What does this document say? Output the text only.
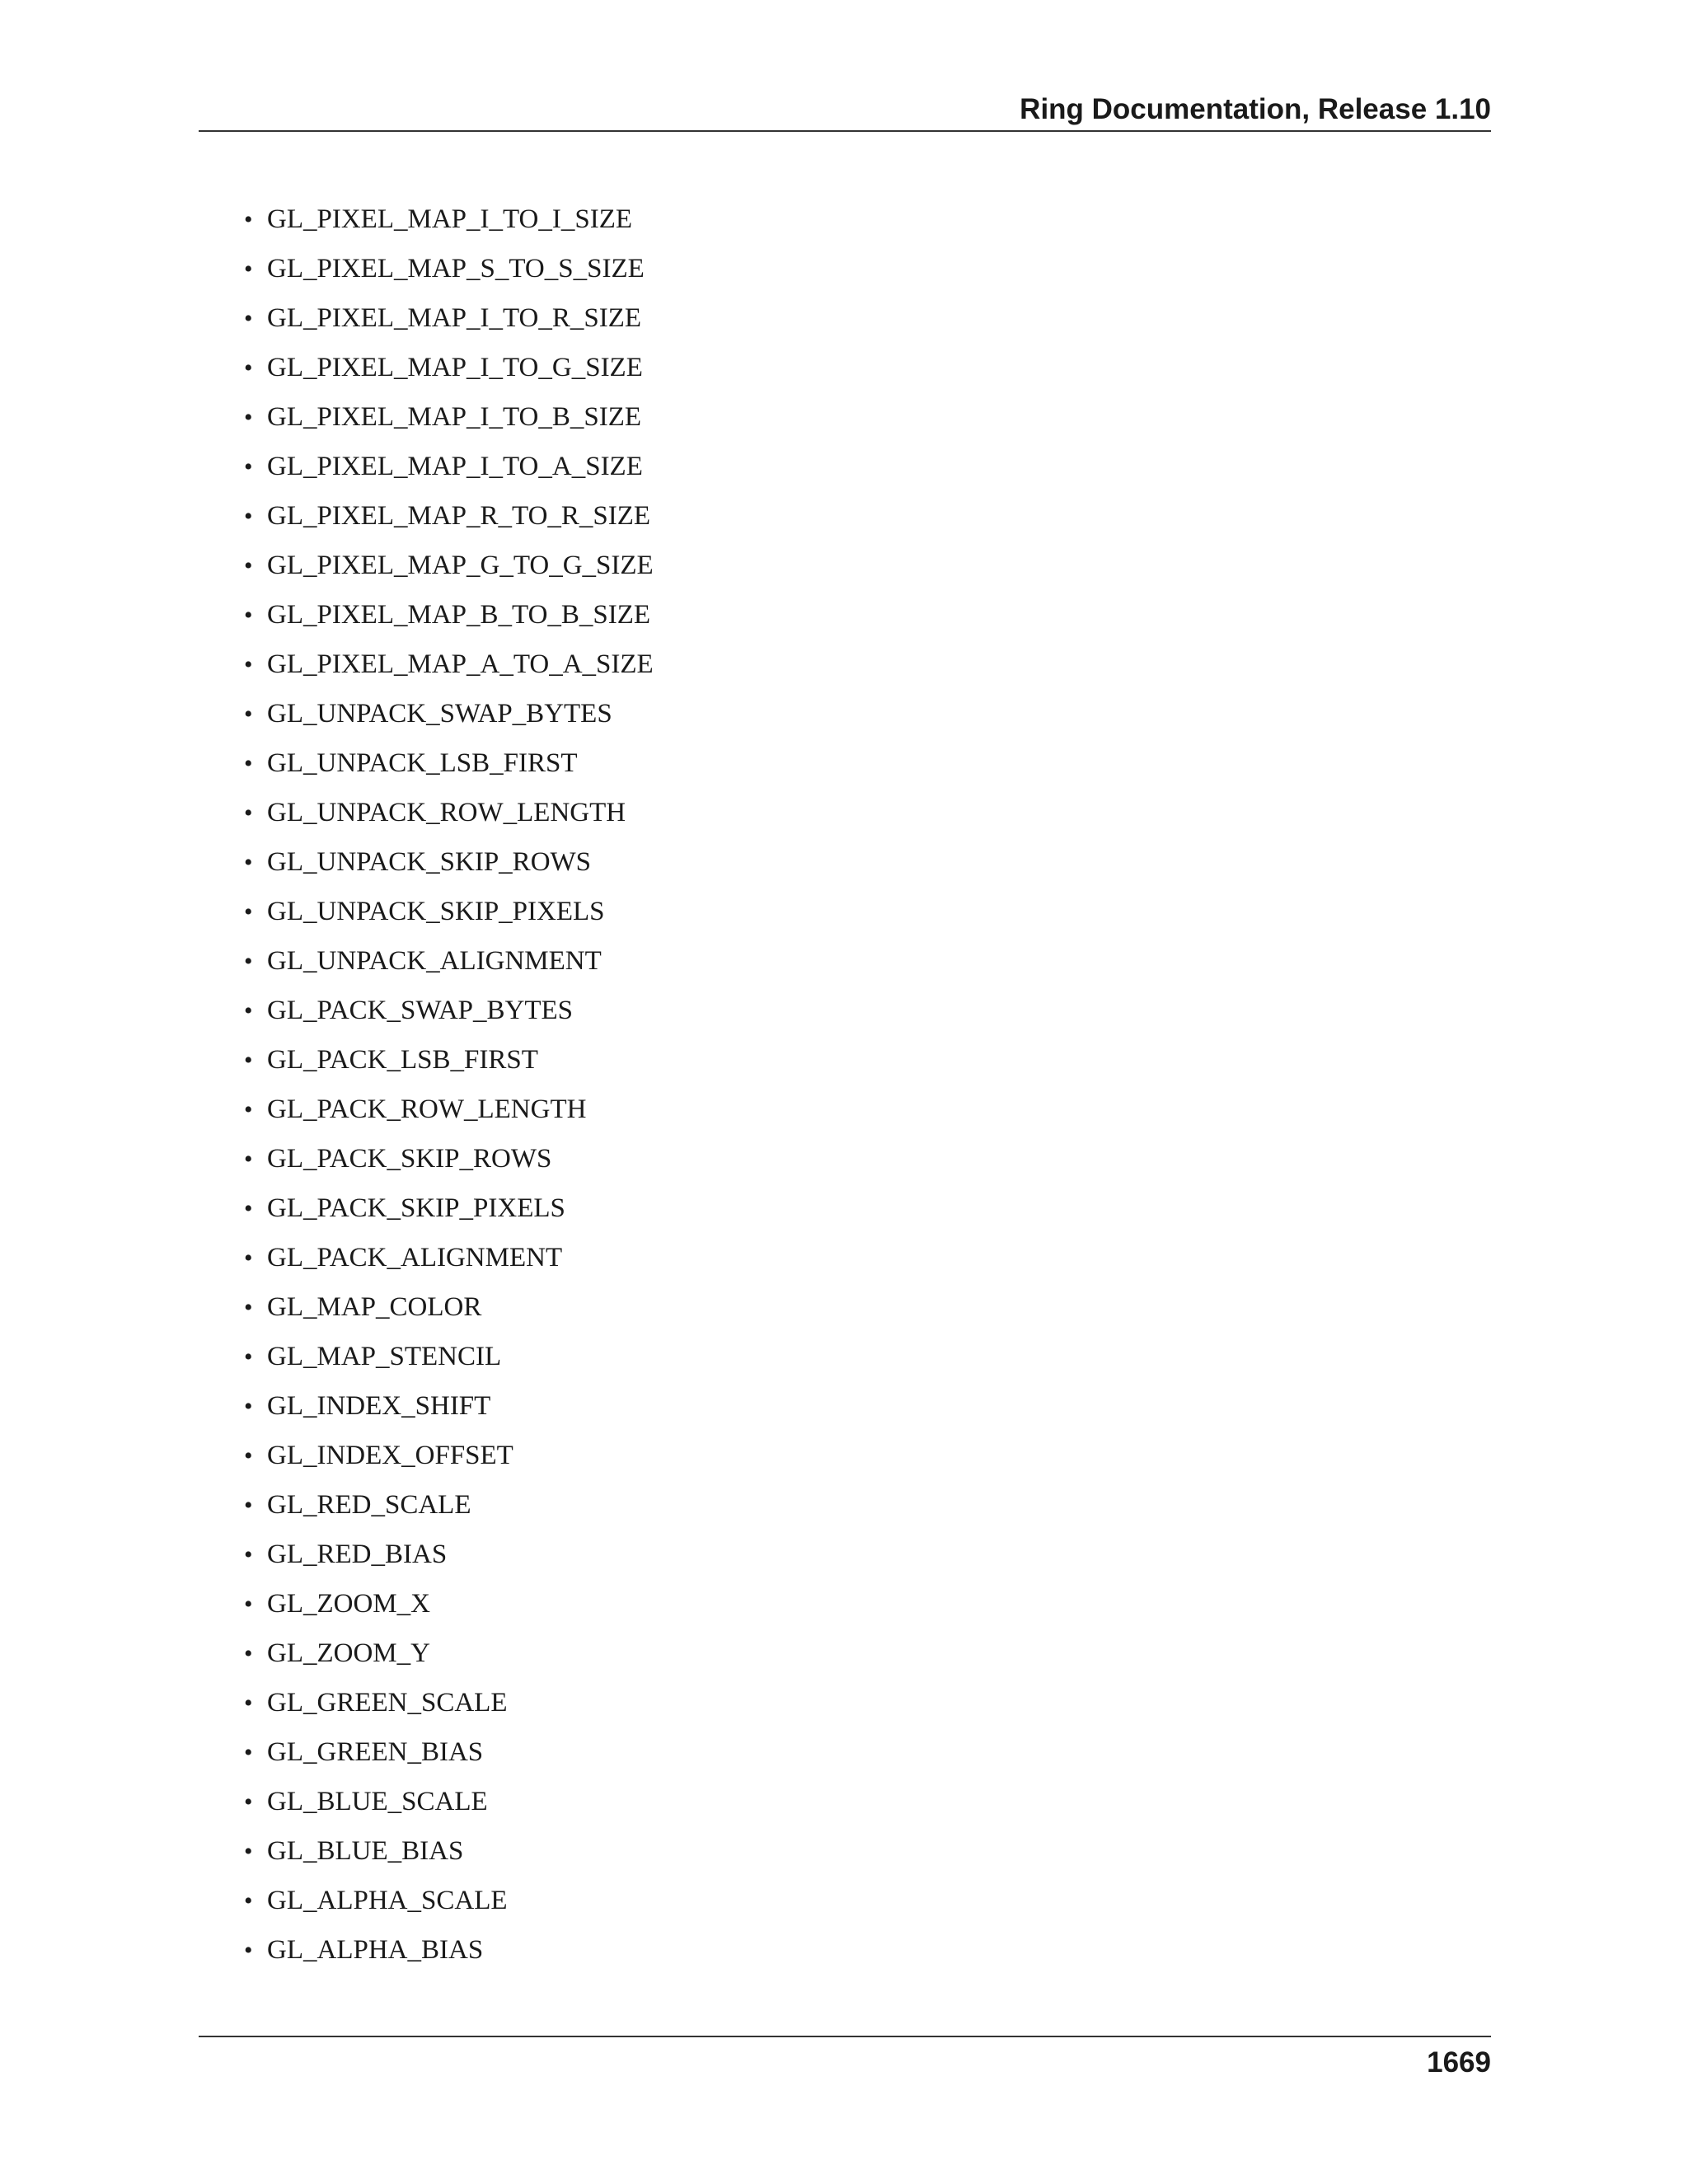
Ring Documentation, Release 1.10
• GL_PIXEL_MAP_I_TO_I_SIZE
• GL_PIXEL_MAP_S_TO_S_SIZE
• GL_PIXEL_MAP_I_TO_R_SIZE
• GL_PIXEL_MAP_I_TO_G_SIZE
• GL_PIXEL_MAP_I_TO_B_SIZE
• GL_PIXEL_MAP_I_TO_A_SIZE
• GL_PIXEL_MAP_R_TO_R_SIZE
• GL_PIXEL_MAP_G_TO_G_SIZE
• GL_PIXEL_MAP_B_TO_B_SIZE
• GL_PIXEL_MAP_A_TO_A_SIZE
• GL_UNPACK_SWAP_BYTES
• GL_UNPACK_LSB_FIRST
• GL_UNPACK_ROW_LENGTH
• GL_UNPACK_SKIP_ROWS
• GL_UNPACK_SKIP_PIXELS
• GL_UNPACK_ALIGNMENT
• GL_PACK_SWAP_BYTES
• GL_PACK_LSB_FIRST
• GL_PACK_ROW_LENGTH
• GL_PACK_SKIP_ROWS
• GL_PACK_SKIP_PIXELS
• GL_PACK_ALIGNMENT
• GL_MAP_COLOR
• GL_MAP_STENCIL
• GL_INDEX_SHIFT
• GL_INDEX_OFFSET
• GL_RED_SCALE
• GL_RED_BIAS
• GL_ZOOM_X
• GL_ZOOM_Y
• GL_GREEN_SCALE
• GL_GREEN_BIAS
• GL_BLUE_SCALE
• GL_BLUE_BIAS
• GL_ALPHA_SCALE
• GL_ALPHA_BIAS
1669
